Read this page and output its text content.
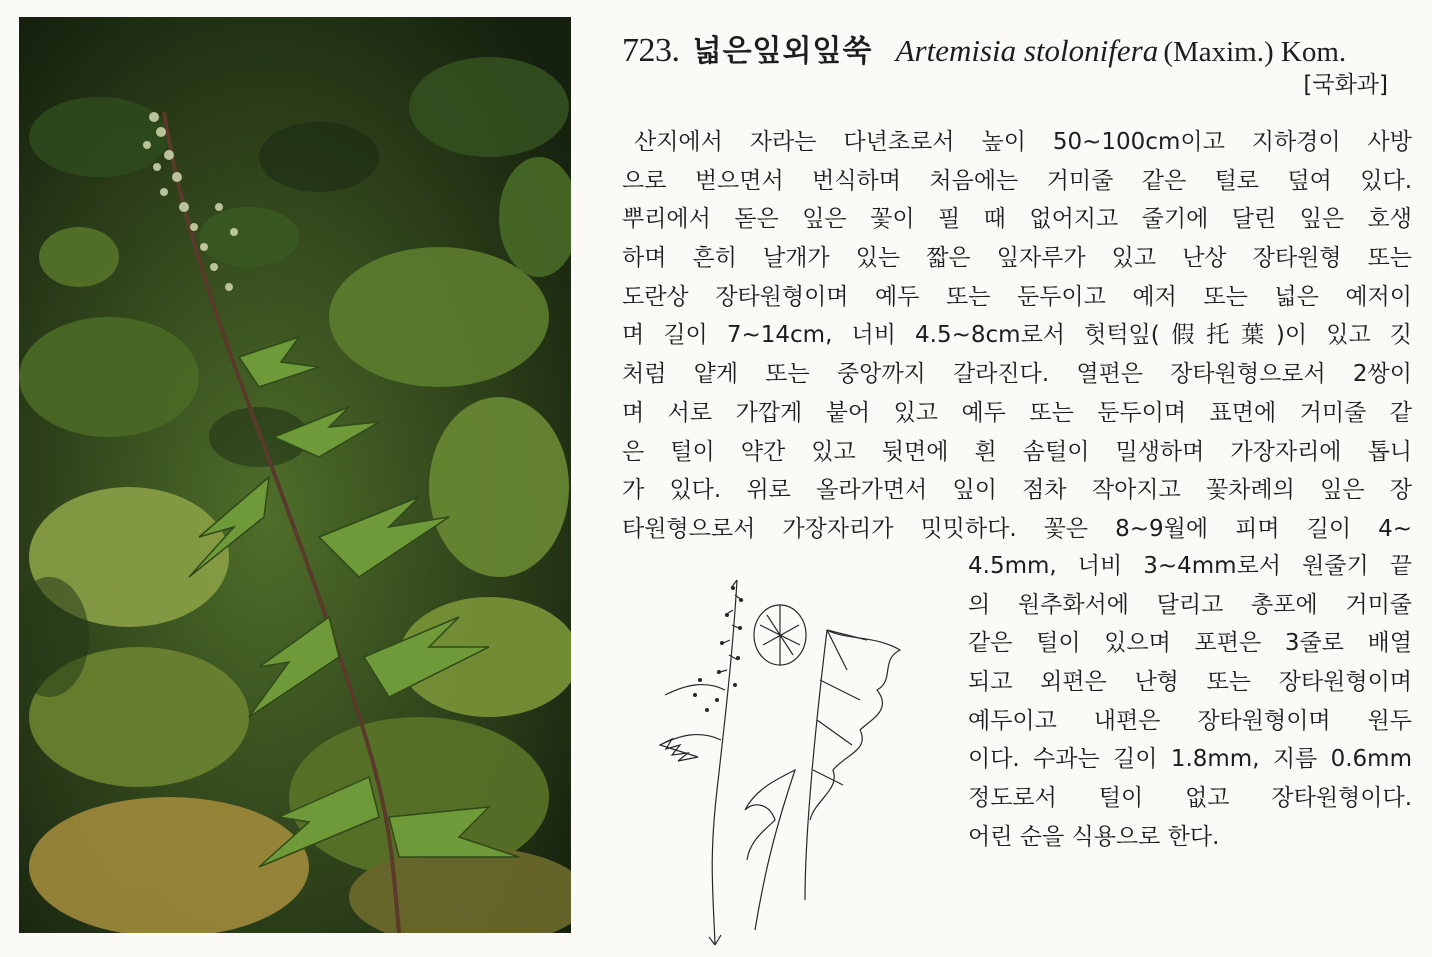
723. 넓은잎외잎쑥 Artemisia stolonifera (Maxim.) Kom.
[국화과]
산지에서 자라는 다년초로서 높이 50~100cm이고 지하경이 사방
으로 벋으면서 번식하며 처음에는 거미줄 같은 털로 덮여 있다.
뿌리에서 돋은 잎은 꽃이 필 때 없어지고 줄기에 달린 잎은 호생
하며 흔히 날개가 있는 짧은 잎자루가 있고 난상 장타원형 또는
도란상 장타원형이며 예두 또는 둔두이고 예저 또는 넓은 예저이
며 길이 7~14cm, 너비 4.5~8cm로서 헛턱잎(假托葉)이 있고 깃
처럼 얕게 또는 중앙까지 갈라진다. 열편은 장타원형으로서 2쌍이
며 서로 가깝게 붙어 있고 예두 또는 둔두이며 표면에 거미줄 같
은 털이 약간 있고 뒷면에 흰 솜털이 밀생하며 가장자리에 톱니
가 있다. 위로 올라가면서 잎이 점차 작아지고 꽃차례의 잎은 장
타원형으로서 가장자리가 밋밋하다. 꽃은 8~9월에 피며 길이 4~
4.5mm, 너비 3~4mm로서 원줄기 끝
의 원추화서에 달리고 총포에 거미줄
같은 털이 있으며 포편은 3줄로 배열
되고 외편은 난형 또는 장타원형이며
예두이고 내편은 장타원형이며 원두
이다. 수과는 길이 1.8mm, 지름 0.6mm
정도로서 털이 없고 장타원형이다.
어린 순을 식용으로 한다.
